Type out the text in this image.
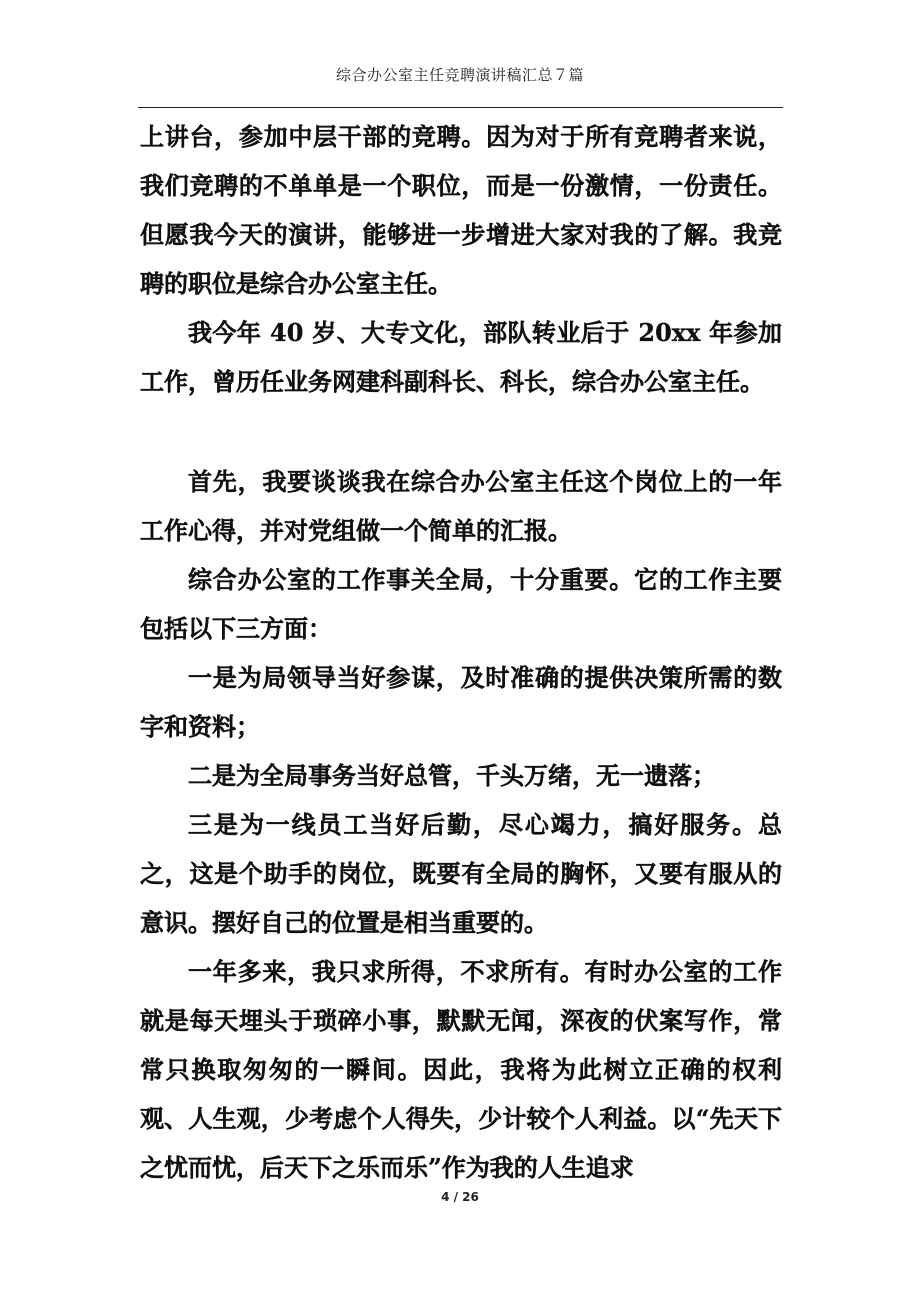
综合办公室主任竞聘演讲稿汇总７篇

上讲台，参加中层干部的竞聘。因为对于所有竞聘者来说，我们竞聘的不单单是一个职位，而是一份激情，一份责任。但愿我今天的演讲，能够进一步增进大家对我的了解。我竞聘的职位是综合办公室主任。

我今年 40 岁、大专文化，部队转业后于 20xx 年参加工作，曾历任业务网建科副科长、科长，综合办公室主任。

首先，我要谈谈我在综合办公室主任这个岗位上的一年工作心得，并对党组做一个简单的汇报。

综合办公室的工作事关全局，十分重要。它的工作主要包括以下三方面：

一是为局领导当好参谋，及时准确的提供决策所需的数字和资料；

二是为全局事务当好总管，千头万绪，无一遗落；

三是为一线员工当好后勤，尽心竭力，搞好服务。总之，这是个助手的岗位，既要有全局的胸怀，又要有服从的意识。摆好自己的位置是相当重要的。

一年多来，我只求所得，不求所有。有时办公室的工作就是每天埋头于琐碎小事，默默无闻，深夜的伏案写作，常常只换取匆匆的一瞬间。因此，我将为此树立正确的权利观、人生观，少考虑个人得失，少计较个人利益。以“先天下之忧而忧，后天下之乐而乐”作为我的人生追求

4 / 26
